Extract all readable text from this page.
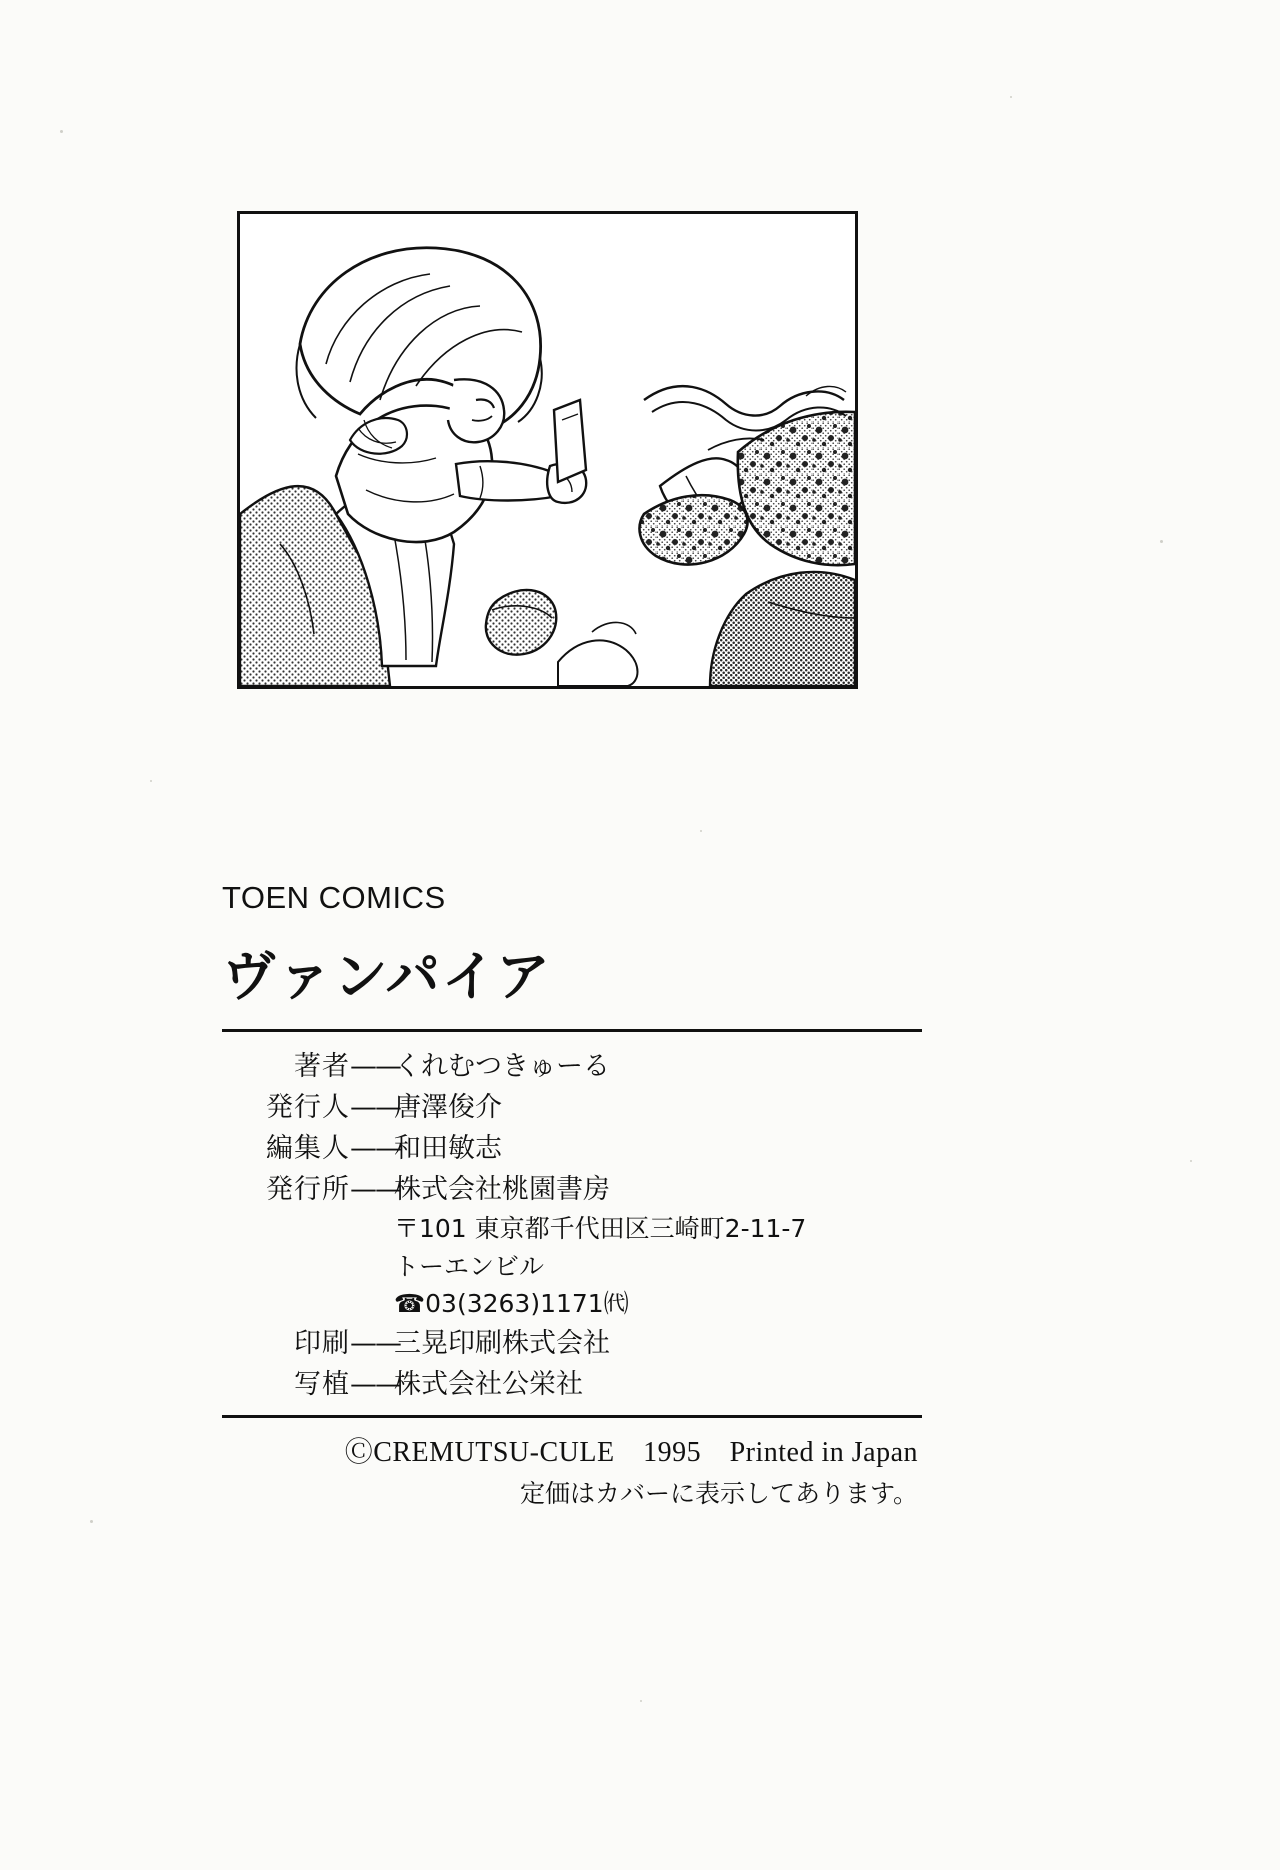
TOEN COMICS
ヴァンパイア
著者 ——
くれむつきゅーる
発行人 ——
唐澤俊介
編集人 ——
和田敏志
発行所 ——
株式会社桃園書房
〒101 東京都千代田区三崎町2-11-7
トーエンビル
☎03(3263)1171㈹
印刷 ——
三晃印刷株式会社
写植 ——
株式会社公栄社
ⒸCREMUTSU-CULE　1995　Printed in Japan
定価はカバーに表示してあります。
